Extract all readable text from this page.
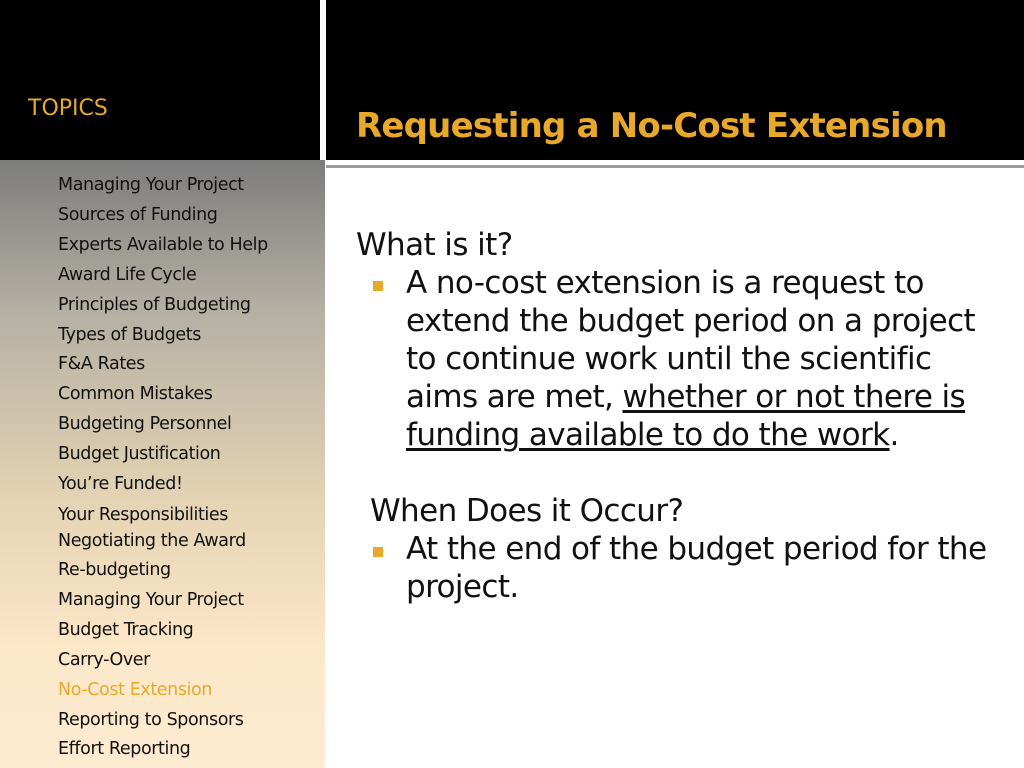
TOPICS
Managing Your Project
Sources of Funding
Experts Available to Help
Award Life Cycle
Principles of Budgeting
Types of Budgets
F&A Rates
Common Mistakes
Budgeting Personnel
Budget Justification
You’re Funded!
Your Responsibilities
Negotiating the Award
Re-budgeting
Managing Your Project
Budget Tracking
Carry-Over
No-Cost Extension
Reporting to Sponsors
Effort Reporting
Requesting a No-Cost Extension
What is it?
A no-cost extension is a request to extend the budget period on a project to continue work until the scientific aims are met, whether or not there is funding available to do the work.
When Does it Occur?
At the end of the budget period for the project.
